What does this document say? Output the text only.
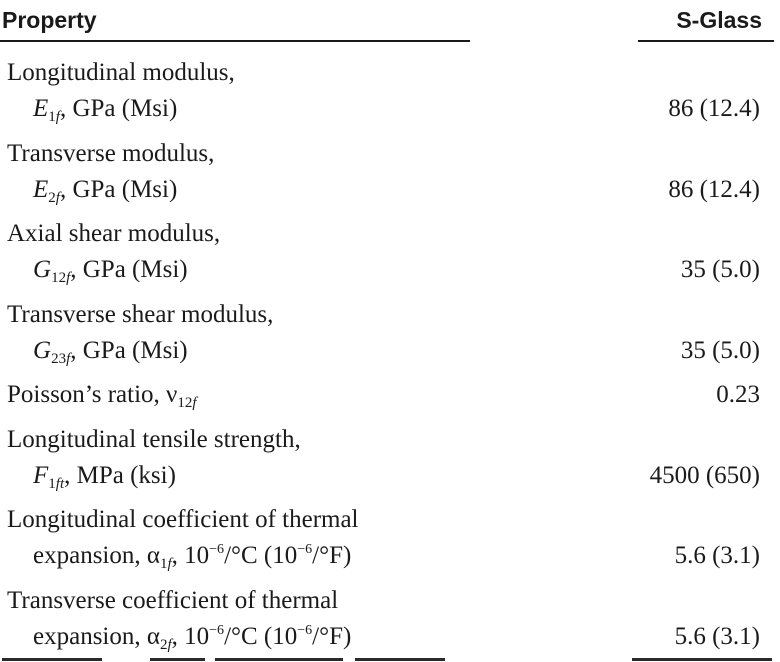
Property	S-Glass
Longitudinal modulus,
$E_{1f}$, GPa (Msi)	86 (12.4)
Transverse modulus,
$E_{2f}$, GPa (Msi)	86 (12.4)
Axial shear modulus,
$G_{12f}$, GPa (Msi)	35 (5.0)
Transverse shear modulus,
$G_{23f}$, GPa (Msi)	35 (5.0)
Poisson’s ratio, $\nu_{12f}$	0.23
Longitudinal tensile strength,
$F_{1ft}$, MPa (ksi)	4500 (650)
Longitudinal coefficient of thermal
expansion, $\alpha_{1f}$, $10^{-6}/^\circ C$ $(10^{-6}/^\circ F)$	5.6 (3.1)
Transverse coefficient of thermal
expansion, $\alpha_{2f}$, $10^{-6}/^\circ C$ $(10^{-6}/^\circ F)$	5.6 (3.1)
